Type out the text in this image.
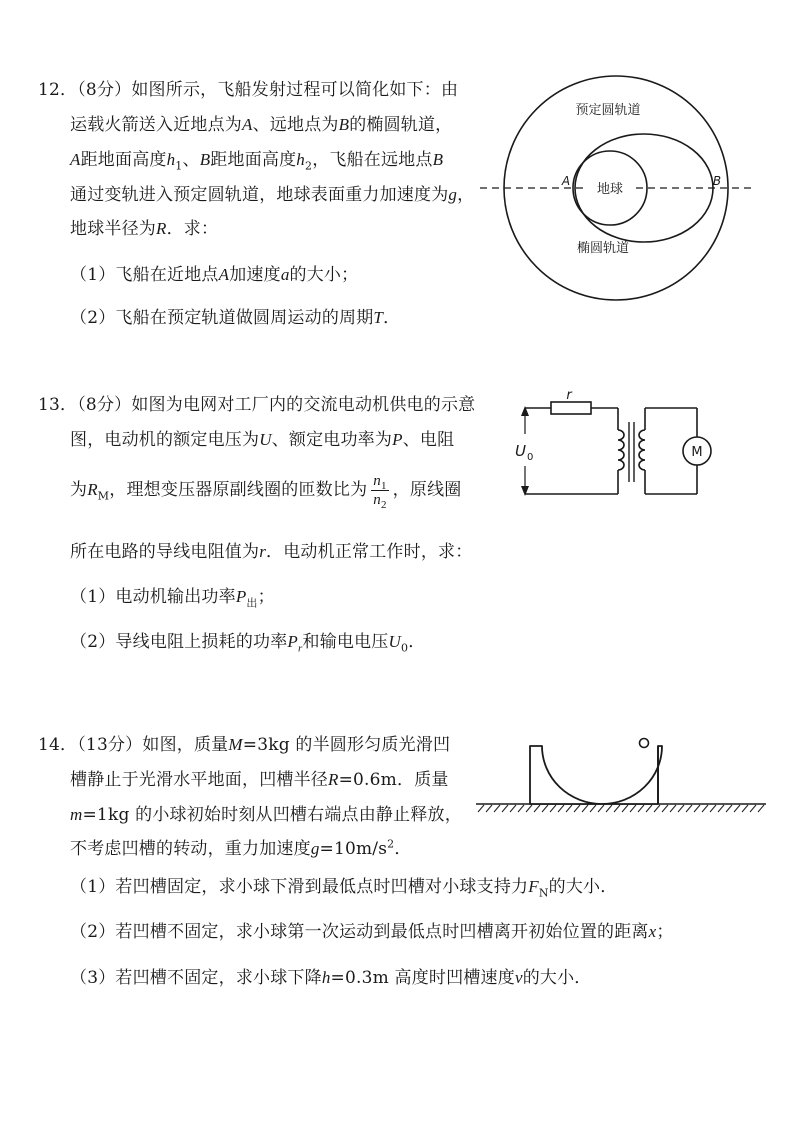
12．（8分）如图所示，飞船发射过程可以简化如下：由
运载火箭送入近地点为A、远地点为B的椭圆轨道，
A距地面高度$h_1$、B距地面高度$h_2$，飞船在远地点B
通过变轨进入预定圆轨道，地球表面重力加速度为g，
地球半径为R．求：
（1）飞船在近地点A加速度a的大小；
（2）飞船在预定轨道做圆周运动的周期T．
地球
A	B
预定圆轨道
椭圆轨道
13．（8分）如图为电网对工厂内的交流电动机供电的示意
图，电动机的额定电压为U、额定电功率为P、电阻
为$R_M$，理想变压器原副线圈的匝数比为 $\frac{n_1}{n_2}$ ，原线圈
所在电路的导线电阻值为r．电动机正常工作时，求：
（1）电动机输出功率$P_出$；
（2）导线电阻上损耗的功率$P_r$和输电电压$U_0$．
M
r
U 0
14．（13分）如图，质量M=3kg 的半圆形匀质光滑凹
槽静止于光滑水平地面，凹槽半径R=0.6m．质量
m=1kg 的小球初始时刻从凹槽右端点由静止释放，
不考虑凹槽的转动，重力加速度$g=10m/s^2$．
（1）若凹槽固定，求小球下滑到最低点时凹槽对小球支持力$F_N$的大小．
（2）若凹槽不固定，求小球第一次运动到最低点时凹槽离开初始位置的距离x；
（3）若凹槽不固定，求小球下降h=0.3m 高度时凹槽速度v的大小．
